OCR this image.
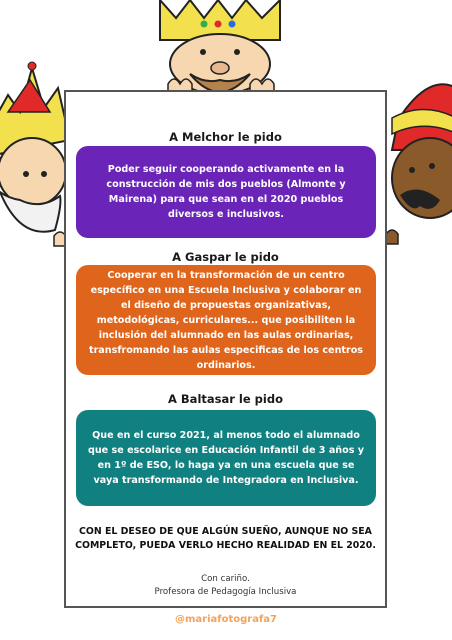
A Melchor le pido
Poder seguir cooperando activamente en la construcción de mis dos pueblos (Almonte y Mairena) para que sean en el 2020 pueblos diversos e inclusivos.
A Gaspar le pido
Cooperar en la transformación de un centro específico en una Escuela Inclusiva y colaborar en el diseño de propuestas organizativas, metodológicas, curriculares... que posibiliten la inclusión del alumnado en las aulas ordinarias, transfromando las aulas especificas de los centros ordinarios.
A Baltasar le pido
Que en el curso 2021, al menos todo el alumnado que se escolarice en Educación Infantil de 3 años y en 1º de ESO, lo haga ya en una escuela que se vaya transformando de Integradora en Inclusiva.
CON EL DESEO DE QUE ALGÚN SUEÑO, AUNQUE NO SEA COMPLETO, PUEDA VERLO HECHO REALIDAD EN EL 2020.
Con cariño.
Profesora de Pedagogía Inclusiva
@mariafotografa7
